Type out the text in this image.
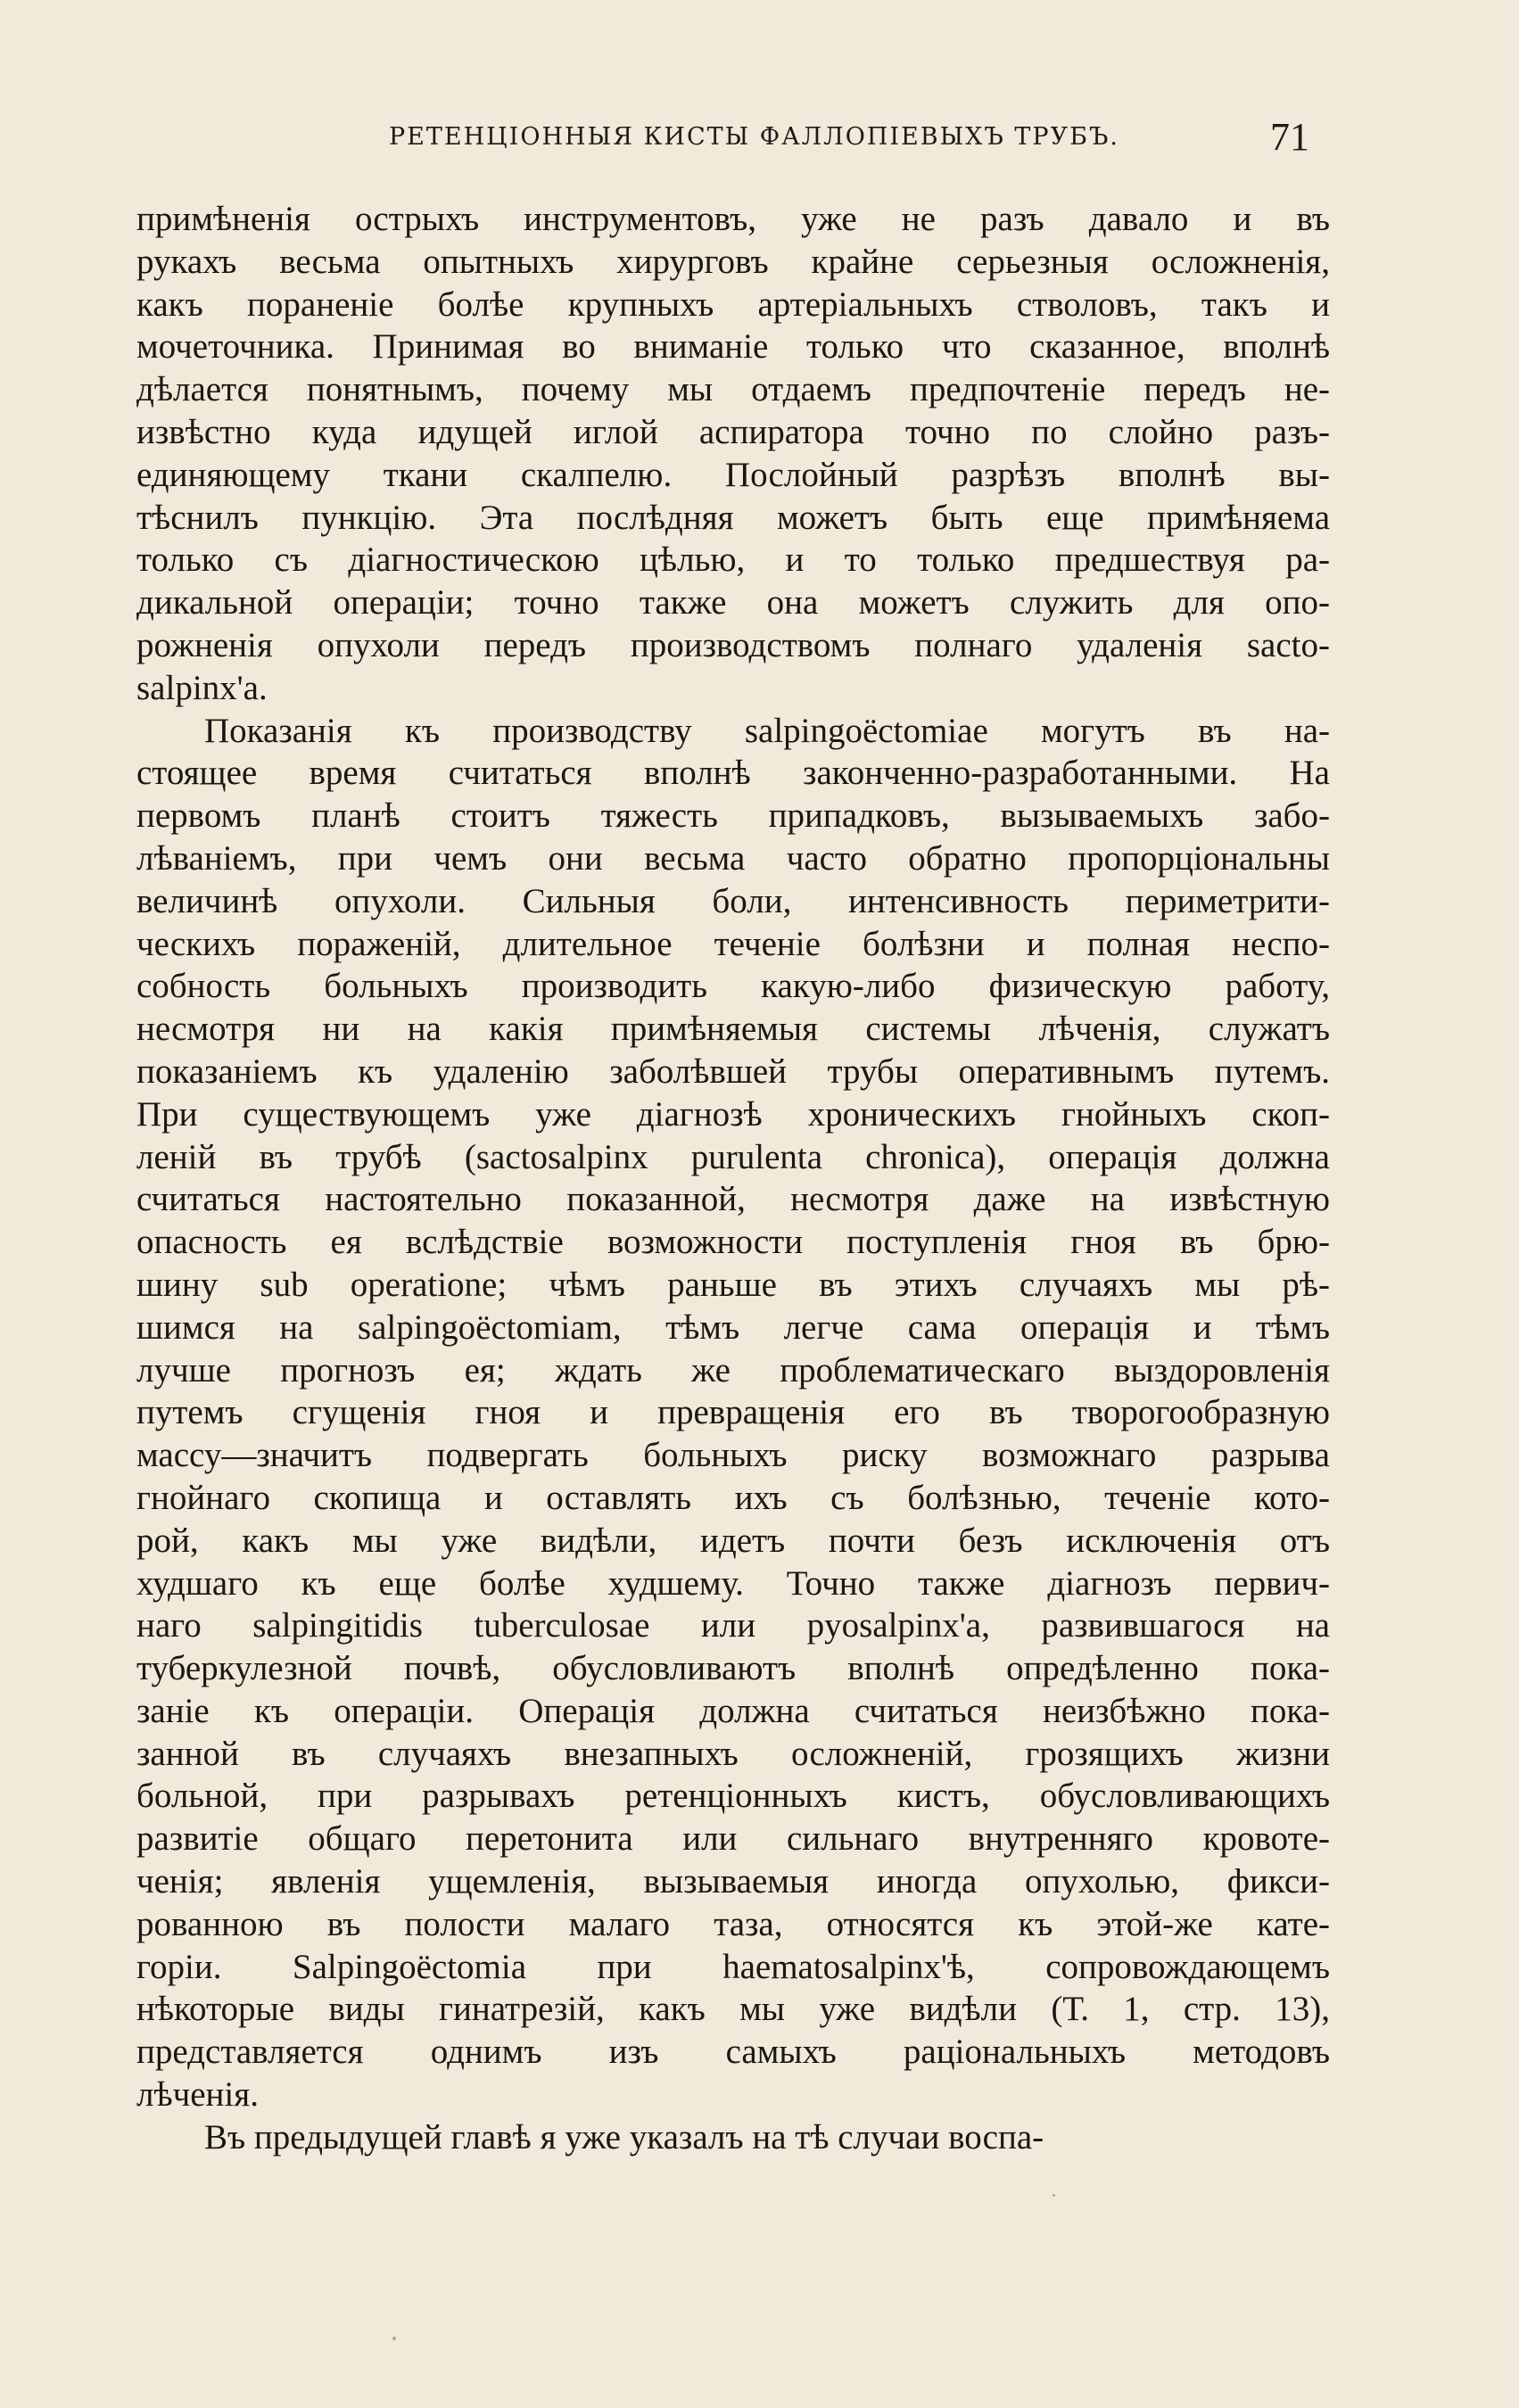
РЕТЕНЦІОННЫЯ КИСТЫ ФАЛЛОПІЕВЫХЪ ТРУБЪ.	71
примѣненія острыхъ инструментовъ, уже не разъ давало и въ
рукахъ весьма опытныхъ хирурговъ крайне серьезныя осложненія,
какъ пораненіе болѣе крупныхъ артеріальныхъ стволовъ, такъ и
мочеточника. Принимая во вниманіе только что сказанное, вполнѣ
дѣлается понятнымъ, почему мы отдаемъ предпочтеніе передъ не-
извѣстно куда идущей иглой аспиратора точно по слойно разъ-
единяющему ткани скалпелю. Послойный разрѣзъ вполнѣ вы-
тѣснилъ пункцію. Эта послѣдняя можетъ быть еще примѣняема
только съ діагностическою цѣлью, и то только предшествуя ра-
дикальной операціи; точно также она можетъ служить для опо-
рожненія опухоли передъ производствомъ полнаго удаленія sacto-
salpinx'а.
Показанія къ производству salpingoëctomiae могутъ въ на-
стоящее время считаться вполнѣ законченно-разработанными. На
первомъ планѣ стоитъ тяжесть припадковъ, вызываемыхъ забо-
лѣваніемъ, при чемъ они весьма часто обратно пропорціональны
величинѣ опухоли. Сильныя боли, интенсивность периметрити-
ческихъ пораженій, длительное теченіе болѣзни и полная неспо-
собность больныхъ производить какую-либо физическую работу,
несмотря ни на какія примѣняемыя системы лѣченія, служатъ
показаніемъ къ удаленію заболѣвшей трубы оперативнымъ путемъ.
При существующемъ уже діагнозѣ хроническихъ гнойныхъ скоп-
леній въ трубѣ (sactosalpinx purulenta chronica), операція должна
считаться настоятельно показанной, несмотря даже на извѣстную
опасность ея вслѣдствіе возможности поступленія гноя въ брю-
шину sub operatione; чѣмъ раньше въ этихъ случаяхъ мы рѣ-
шимся на salpingoëctomiam, тѣмъ легче сама операція и тѣмъ
лучше прогнозъ ея; ждать же проблематическаго выздоровленія
путемъ сгущенія гноя и превращенія его въ творогообразную
массу—значитъ подвергать больныхъ риску возможнаго разрыва
гнойнаго скопища и оставлять ихъ съ болѣзнью, теченіе кото-
рой, какъ мы уже видѣли, идетъ почти безъ исключенія отъ
худшаго къ еще болѣе худшему. Точно также діагнозъ первич-
наго salpingitidis tuberculosae или pyosalpinx'а, развившагося на
туберкулезной почвѣ, обусловливаютъ вполнѣ опредѣленно пока-
заніе къ операціи. Операція должна считаться неизбѣжно пока-
занной въ случаяхъ внезапныхъ осложненій, грозящихъ жизни
больной, при разрывахъ ретенціонныхъ кистъ, обусловливающихъ
развитіе общаго перетонита или сильнаго внутренняго кровоте-
ченія; явленія ущемленія, вызываемыя иногда опухолью, фикси-
рованною въ полости малаго таза, относятся къ этой-же кате-
горіи. Salpingoëctomia при haematosalpinx'ѣ, сопровождающемъ
нѣкоторые виды гинатрезій, какъ мы уже видѣли (Т. 1, стр. 13),
представляется однимъ изъ самыхъ раціональныхъ методовъ
лѣченія.
Въ предыдущей главѣ я уже указалъ на тѣ случаи воспа-
